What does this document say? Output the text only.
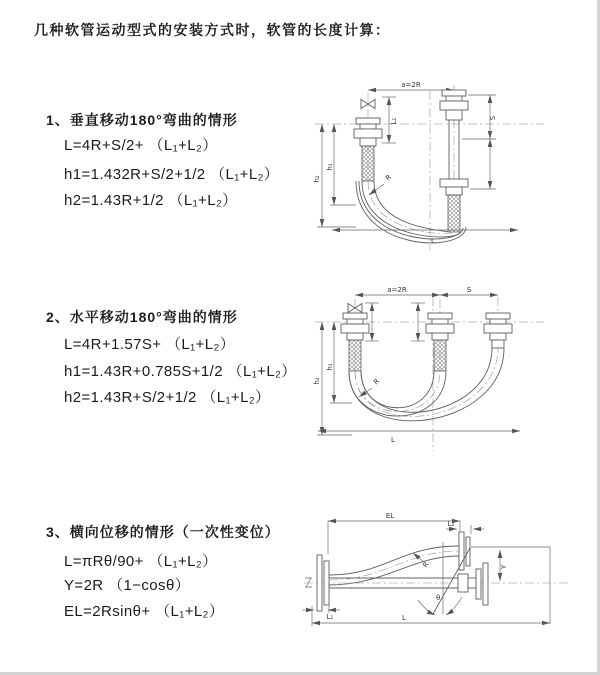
几种软管运动型式的安装方式时，软管的长度计算：
1、垂直移动180°弯曲的情形
L=4R+S/2+ （L₁+L₂）
h1=1.432R+S/2+1/2 （L₁+L₂）
h2=1.43R+1/2 （L₁+L₂）
a=2R
h₂
h₁
S
L₁
R
L
2、水平移动180°弯曲的情形
L=4R+1.57S+ （L₁+L₂）
h1=1.43R+0.785S+1/2 （L₁+L₂）
h2=1.43R+S/2+1/2 （L₁+L₂）
a=2R	S
h₂
h₁
R
L
3、横向位移的情形（一次性变位）
L=πRθ/90+ （L₁+L₂）
Y=2R （1−cosθ）
EL=2Rsinθ+ （L₁+L₂）
EL
L₂
Y
θ
R
L₁	L
